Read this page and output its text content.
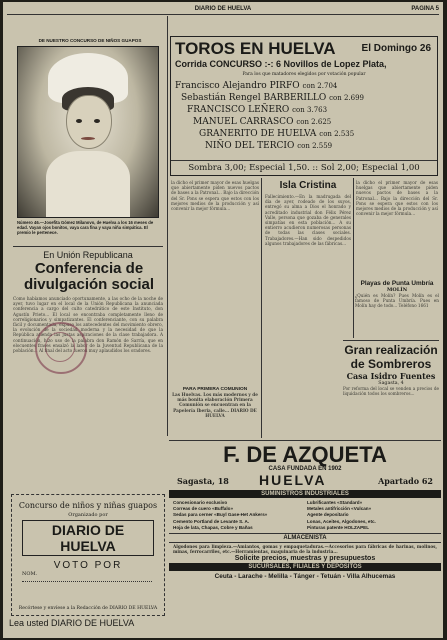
DIARIO DE HUELVA	PAGINA 5
DE NUESTRO CONCURSO DE NIÑOS GUAPOS
Número 46.—Josefita Gómez Milanovo, de Huelva a los 16 meses de edad. Vayan ojos bonitos, vaya cara fina y vaya niña simpática. El premio le pertenece.
En Unión Republicana
Conferencia de divulgación social
Como habíamos anunciado oportunamente, a las ocho de la noche de ayer, tuvo lugar en el local de la Unión Republicana la anunciada conferencia a cargo del culto catedrático de este Instituto, don Agustín Prieto... El local se encontraba completamente lleno de correligionarios y simpatizantes. El conferenciante, con su palabra fácil y documentada, expuso los antecedentes del movimiento obrero, la evolución de la sociedad moderna y la necesidad de que la República atienda las justas aspiraciones de la clase trabajadora. A continuación, hizo uso de la palabra don Ramón de Sarría, que en elocuentes frases ensalzó la labor de la Juventud Republicana de la población... Al final del acto fueron muy aplaudidos los oradores.
TOROS EN HUELVA	El Domingo 26
Corrida CONCURSO :-: 6 Novillos de Lopez Plata,
Para los que matadores elegidos por votación popular
Francisco Alejandro PIRFO con 2.704
Sebastián Rengel BARBERILLO con 2.699
FRANCISCO LEÑERO con 3.763
MANUEL CARRASCO con 2.625
GRANERITO DE HUELVA con 2.535
NIÑO DEL TERCIO con 2.559
Sombra 3,00; Especial 1,50. :: Sol 2,00; Especial 1,00
la dicho el primer mayor de esas huelgas que abiertamente piden nuevos pactos de bases a la Patronal... Bajo la dirección del Sr. Pons se espera que estos con los mejores medios de la producción y así convenir la mejor fórmula...
PARA PRIMERA COMUNION
Las Huelvas. Los más modernos y de más bonita elaboración Primera Comunión se encuentran en la Papelería Iberia, calle... DIARIO DE HUELVA
Isla Cristina
Fallecimiento.—En la madrugada del día de ayer, rodeado de los suyos, entregó su alma a Dios el honrado y acreditado industrial don Félix Pérez Valle, persona que gozaba de generales simpatías en esta población... A su entierro acudieron numerosas personas de todas las clases sociales. Trabajadores.—Han sido despedidos algunos trabajadores de las fábricas...
la dicho el primer mayor de esas huelgas que abiertamente piden nuevos pactos de bases a la Patronal... Bajo la dirección del Sr. Pons se espera que estos con los mejores medios de la producción y así convenir la mejor fórmula...
Playas de Punta Umbría
MOLÍN
¿Quién es Molín? Pues Molín es el famoso de Punta Umbría. Pues en Molín hay de todo... Teléfono 1661
Gran realización de Sombreros
Casa Isidro Fuentes
Sagasta, 4
Por reforma del local se venden a precios de liquidación todos los sombreros...
F. DE AZQUETA
CASA FUNDADA EN 1902
Sagasta, 18 HUELVA	Apartado 62
SUMINISTROS INDUSTRIALES
Concesionario exclusivo	Lubrificantes «Standard»
Correas de cuero «Buffalo»	Metales antifricción «Vulcan»
Sedas para cerner «Buyl Gase-Het Ankers»	Agente depositario
Cemento Portland de Levante S. A.	Lonas, Aceites, Algodones, etc.
Hoja de lata, Chapas, Cobre y Bañas	Pinturas patente HOLZAPEL
ALMACENISTA
Algodones para limpieza.—Amiantos, gomas y empaquetaduras.—Accesorios para fábricas de harinas, molinos, minas, ferrocarriles, etc.—Herramientas, maquinaria de la industria...
Solicite precios, muestras y presupuestos
SUCURSALES, FILIALES Y DEPOSITOS
Ceuta - Larache - Melilla - Tánger - Tetuán - Villa Alhucemas
Concurso de niños y niñas guapos
Organizado por
DIARIO DE HUELVA
VOTO POR
NOM.
Recórtese y envíese a la Redacción de DIARIO DE HUELVA
Lea usted DIARIO DE HUELVA
